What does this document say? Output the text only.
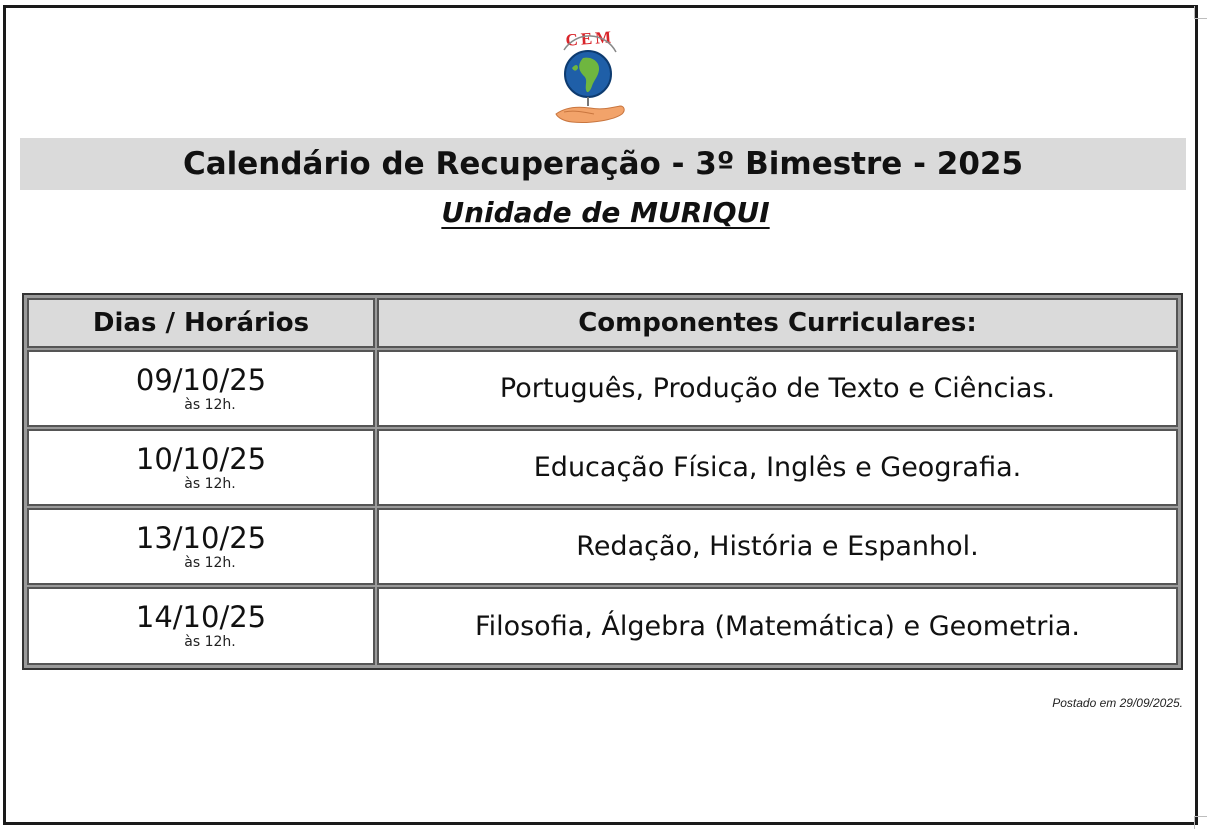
CEM
Calendário de Recuperação - 3º Bimestre - 2025
Unidade de MURIQUI
Dias / Horários	Componentes Curriculares:
09/10/25
às 12h.
Português, Produção de Texto e Ciências.
10/10/25
às 12h.
Educação Física, Inglês e Geografia.
13/10/25
às 12h.
Redação, História e Espanhol.
14/10/25
às 12h.
Filosofia, Álgebra (Matemática) e Geometria.
Postado em 29/09/2025.
